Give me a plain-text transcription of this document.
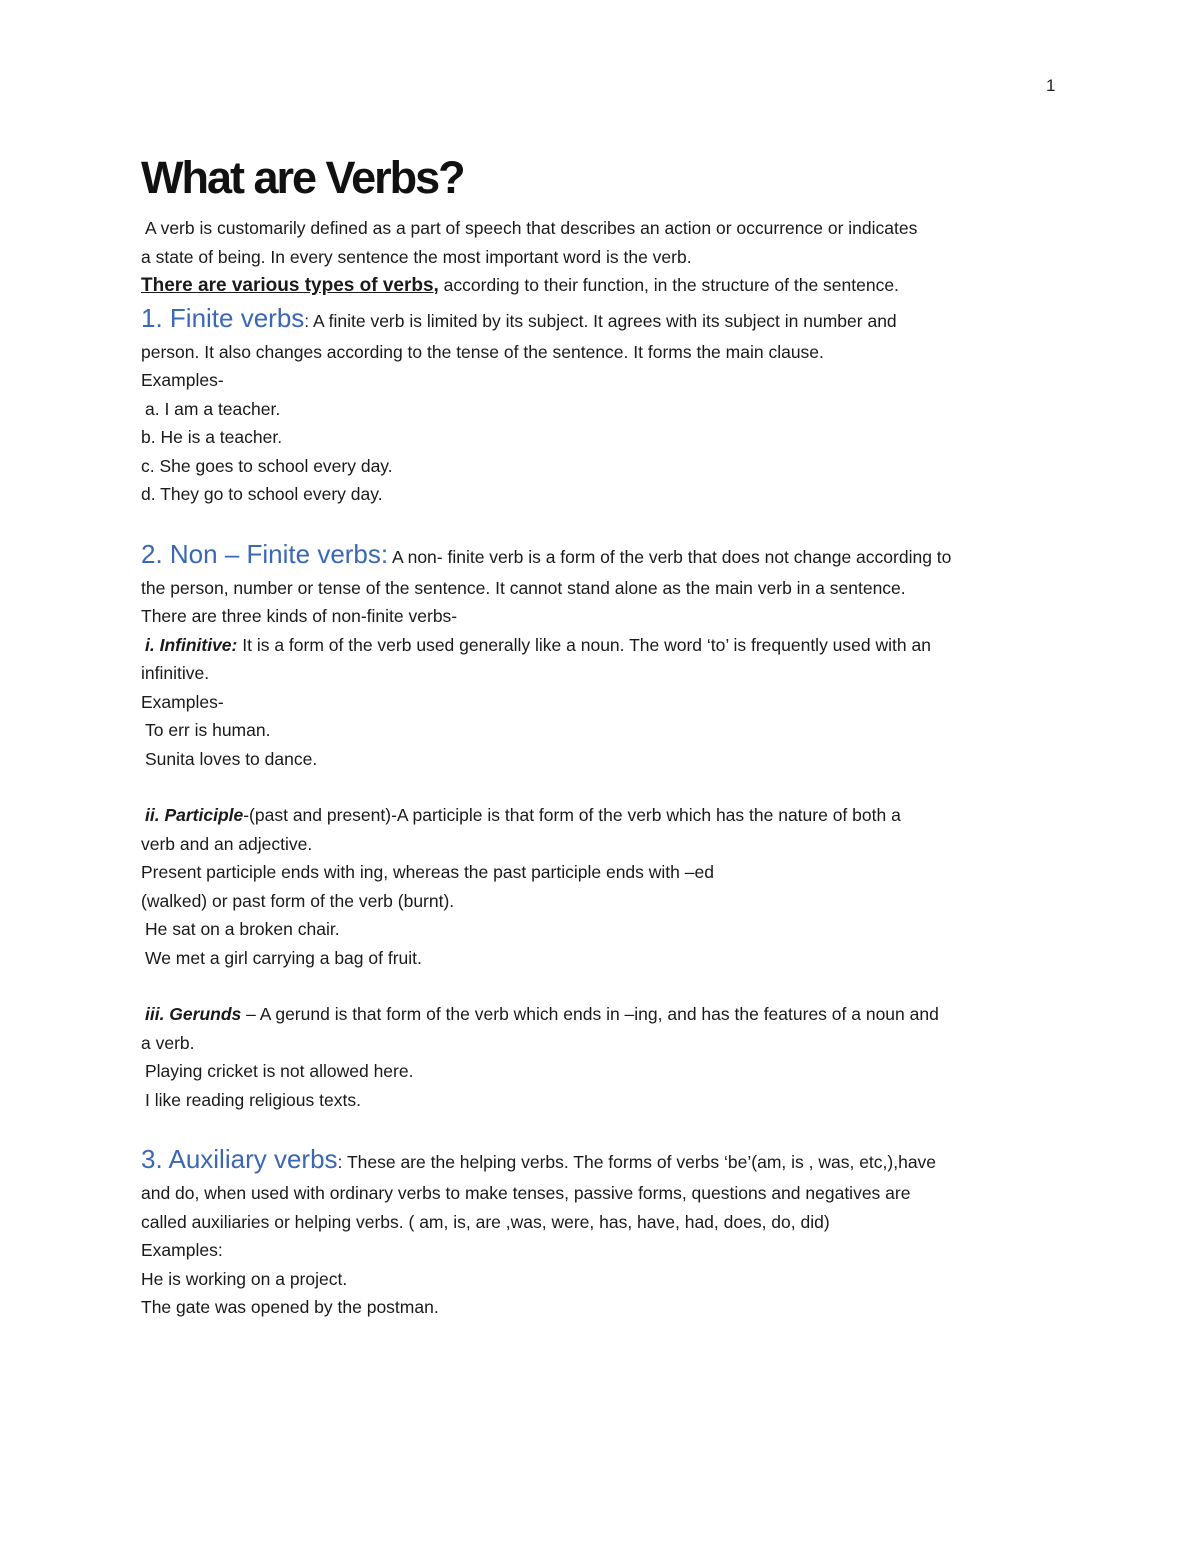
1
What are Verbs?
A verb is customarily defined as a part of speech that describes an action or occurrence or indicates
a state of being. In every sentence the most important word is the verb.
There are various types of verbs, according to their function, in the structure of the sentence.
1. Finite verbs: A finite verb is limited by its subject. It agrees with its subject in number and
person. It also changes according to the tense of the sentence. It forms the main clause.
Examples-
a. I am a teacher.
b. He is a teacher.
c. She goes to school every day.
d. They go to school every day.
2. Non – Finite verbs: A non- finite verb is a form of the verb that does not change according to
the person, number or tense of the sentence. It cannot stand alone as the main verb in a sentence.
There are three kinds of non-finite verbs-
i. Infinitive: It is a form of the verb used generally like a noun. The word ‘to’ is frequently used with an
infinitive.
Examples-
To err is human.
Sunita loves to dance.
ii. Participle-(past and present)-A participle is that form of the verb which has the nature of both a
verb and an adjective.
Present participle ends with ing, whereas the past participle ends with –ed
(walked) or past form of the verb (burnt).
He sat on a broken chair.
We met a girl carrying a bag of fruit.
iii. Gerunds – A gerund is that form of the verb which ends in –ing, and has the features of a noun and
a verb.
Playing cricket is not allowed here.
I like reading religious texts.
3. Auxiliary verbs: These are the helping verbs. The forms of verbs ‘be’(am, is , was, etc,),have
and do, when used with ordinary verbs to make tenses, passive forms, questions and negatives are
called auxiliaries or helping verbs. ( am, is, are ,was, were, has, have, had, does, do, did)
Examples:
He is working on a project.
The gate was opened by the postman.
